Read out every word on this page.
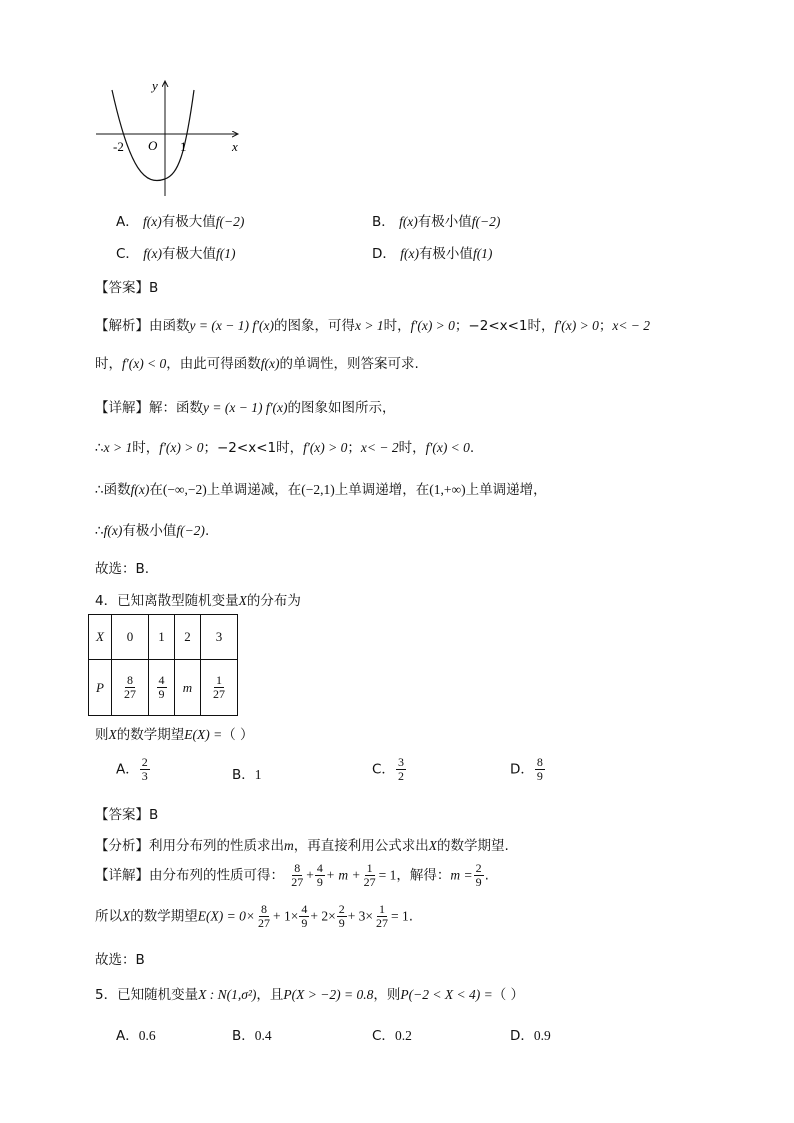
y
x
O
-2	1
A． f(x)有极大值f(−2)	B． f(x)有极小值f(−2)
C． f(x)有极大值f(1)	D． f(x)有极小值f(1)
【答案】B
【解析】由函数y = (x − 1) f′(x)的图象，可得x > 1时，f′(x) > 0；−2<x<1时，f′(x) > 0；x< − 2
时，f′(x) < 0，由此可得函数f(x)的单调性，则答案可求.
【详解】解：函数y = (x − 1) f′(x)的图象如图所示，
∴x > 1时，f′(x) > 0；−2<x<1时，f′(x) > 0；x< − 2时，f′(x) < 0.
∴函数f(x)在(−∞,−2)上单调递减，在(−2,1)上单调递增，在(1,+∞)上单调递增，
∴f(x)有极小值f(−2).
故选：B.
4．已知离散型随机变量X的分布为
X	0	1	2	3
P	$\frac{8}{27}$	$\frac{4}{9}$	m	$\frac{1}{27}$
则X的数学期望E(X) =（ ）
A． $\frac{2}{3}$	B．1	C． $\frac{3}{2}$	D． $\frac{8}{9}$
【答案】B
【分析】利用分布列的性质求出m，再直接利用公式求出X的数学期望.
【详解】由分布列的性质可得： $\frac{8}{27} + \frac{4}{9} + m + \frac{1}{27} = 1$，解得：$m = \frac{2}{9}$ .
所以X的数学期望$E(X) = 0\times \frac{8}{27} + 1\times \frac{4}{9} + 2\times \frac{2}{9} + 3\times \frac{1}{27} = 1$.
故选：B
5．已知随机变量X : N(1,σ²)，且P(X > −2) = 0.8，则P(−2 < X < 4) =（ ）
A．0.6	B．0.4	C．0.2	D．0.9
